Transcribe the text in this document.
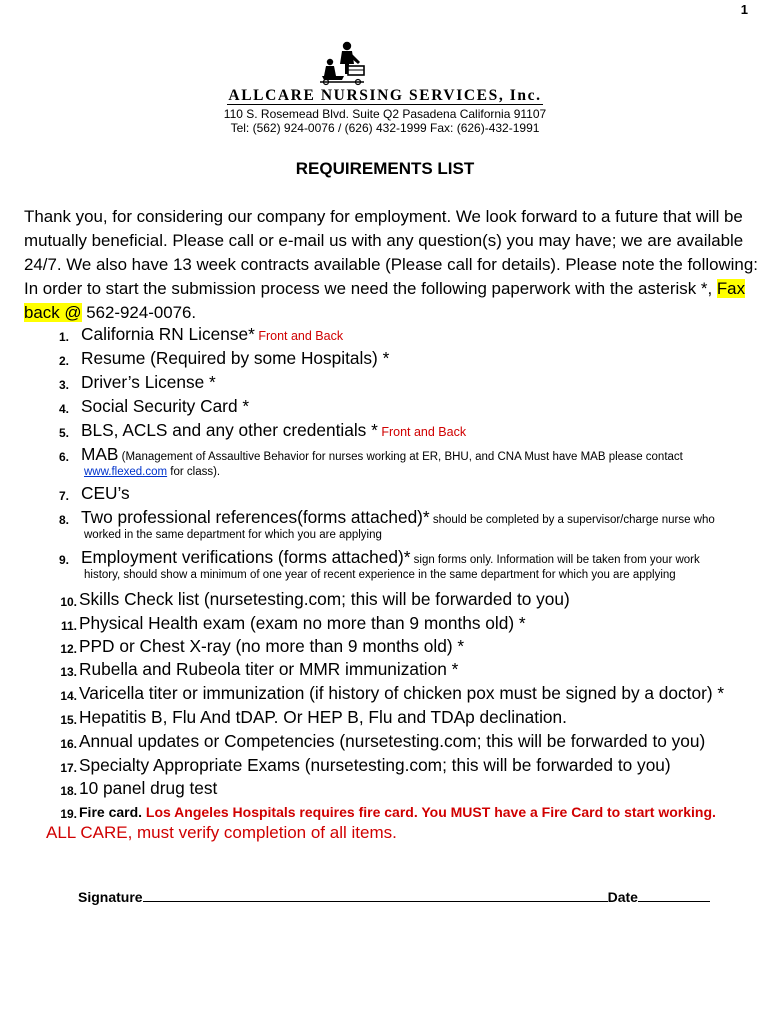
1
ALLCARE NURSING SERVICES, Inc.
110 S. Rosemead Blvd. Suite Q2 Pasadena California 91107
Tel: (562) 924-0076 / (626) 432-1999 Fax: (626)-432-1991
REQUIREMENTS LIST
Thank you, for considering our company for employment. We look forward to a future that will be mutually beneficial. Please call or e-mail us with any question(s) you may have; we are available 24/7. We also have 13 week contracts available (Please call for details). Please note the following: In order to start the submission process we need the following paperwork with the asterisk *, Fax back @ 562-924-0076.
1. California RN License* Front and Back
2. Resume (Required by some Hospitals) *
3. Driver’s License *
4. Social Security Card *
5. BLS, ACLS and any other credentials * Front and Back
6. MAB (Management of Assaultive Behavior for nurses working at ER, BHU, and CNA Must have MAB please contact
www.flexed.com for class).
7. CEU’s
8. Two professional references(forms attached)* should be completed by a supervisor/charge nurse who
worked in the same department for which you are applying
9. Employment verifications (forms attached)* sign forms only. Information will be taken from your work
history, should show a minimum of one year of recent experience in the same department for which you are applying
10. Skills Check list (nursetesting.com; this will be forwarded to you)
11. Physical Health exam (exam no more than 9 months old) *
12. PPD or Chest X-ray (no more than 9 months old) *
13. Rubella and Rubeola titer or MMR immunization *
14. Varicella titer or immunization (if history of chicken pox must be signed by a doctor) *
15. Hepatitis B, Flu And tDAP. Or HEP B, Flu and TDAp declination.
16. Annual updates or Competencies (nursetesting.com; this will be forwarded to you)
17. Specialty Appropriate Exams (nursetesting.com; this will be forwarded to you)
18. 10 panel drug test
19. Fire card. Los Angeles Hospitals requires fire card. You MUST have a Fire Card to start working.
ALL CARE, must verify completion of all items.
Signature	Date
